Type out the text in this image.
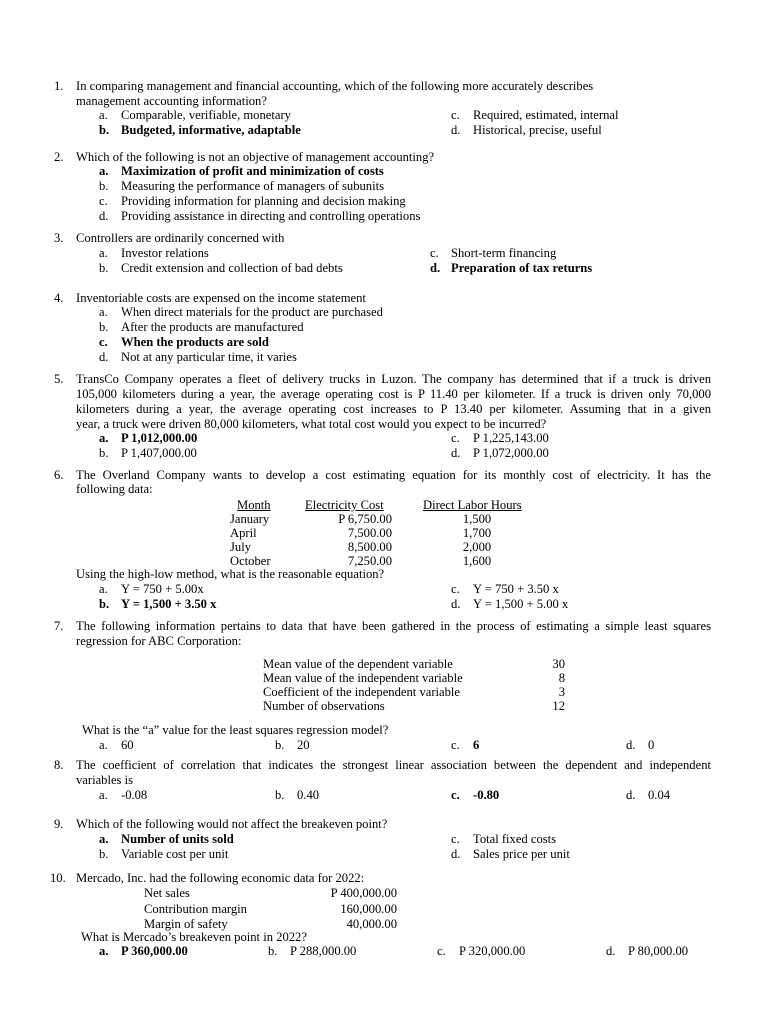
1. In comparing management and financial accounting, which of the following more accurately describes
management accounting information?
a. Comparable, verifiable, monetary
b. Budgeted, informative, adaptable
c. Required, estimated, internal
d. Historical, precise, useful
2. Which of the following is not an objective of management accounting?
a. Maximization of profit and minimization of costs
b. Measuring the performance of managers of subunits
c. Providing information for planning and decision making
d. Providing assistance in directing and controlling operations
3. Controllers are ordinarily concerned with
a. Investor relations
b. Credit extension and collection of bad debts
c. Short-term financing
d. Preparation of tax returns
4. Inventoriable costs are expensed on the income statement
a. When direct materials for the product are purchased
b. After the products are manufactured
c. When the products are sold
d. Not at any particular time, it varies
5. TransCo Company operates a fleet of delivery trucks in Luzon. The company has determined that if a truck is driven
105,000 kilometers during a year, the average operating cost is P 11.40 per kilometer. If a truck is driven only 70,000
kilometers during a year, the average operating cost increases to P 13.40 per kilometer. Assuming that in a given
year, a truck were driven 80,000 kilometers, what total cost would you expect to be incurred?
a. P 1,012,000.00
b. P 1,407,000.00
c. P 1,225,143.00
d. P 1,072,000.00
6. The Overland Company wants to develop a cost estimating equation for its monthly cost of electricity. It has the
following data:
Month	Electricity Cost	Direct Labor Hours
January	P 6,750.00	1,500
April	7,500.00	1,700
July	8,500.00	2,000
October	7,250.00	1,600
Using the high-low method, what is the reasonable equation?
a. Y = 750 + 5.00x
b. Y = 1,500 + 3.50 x
c. Y = 750 + 3.50 x
d. Y = 1,500 + 5.00 x
7. The following information pertains to data that have been gathered in the process of estimating a simple least squares
regression for ABC Corporation:
Mean value of the dependent variable	30
Mean value of the independent variable	8
Coefficient of the independent variable	3
Number of observations	12
What is the “a” value for the least squares regression model?
a. 60	b. 20	c. 6	d. 0
8. The coefficient of correlation that indicates the strongest linear association between the dependent and independent
variables is
a. -0.08	b. 0.40	c. -0.80	d. 0.04
9. Which of the following would not affect the breakeven point?
a. Number of units sold
b. Variable cost per unit
c. Total fixed costs
d. Sales price per unit
10. Mercado, Inc. had the following economic data for 2022:
Net sales	P 400,000.00
Contribution margin	160,000.00
Margin of safety	40,000.00
What is Mercado’s breakeven point in 2022?
a. P 360,000.00	b. P 288,000.00	c. P 320,000.00	d. P 80,000.00
